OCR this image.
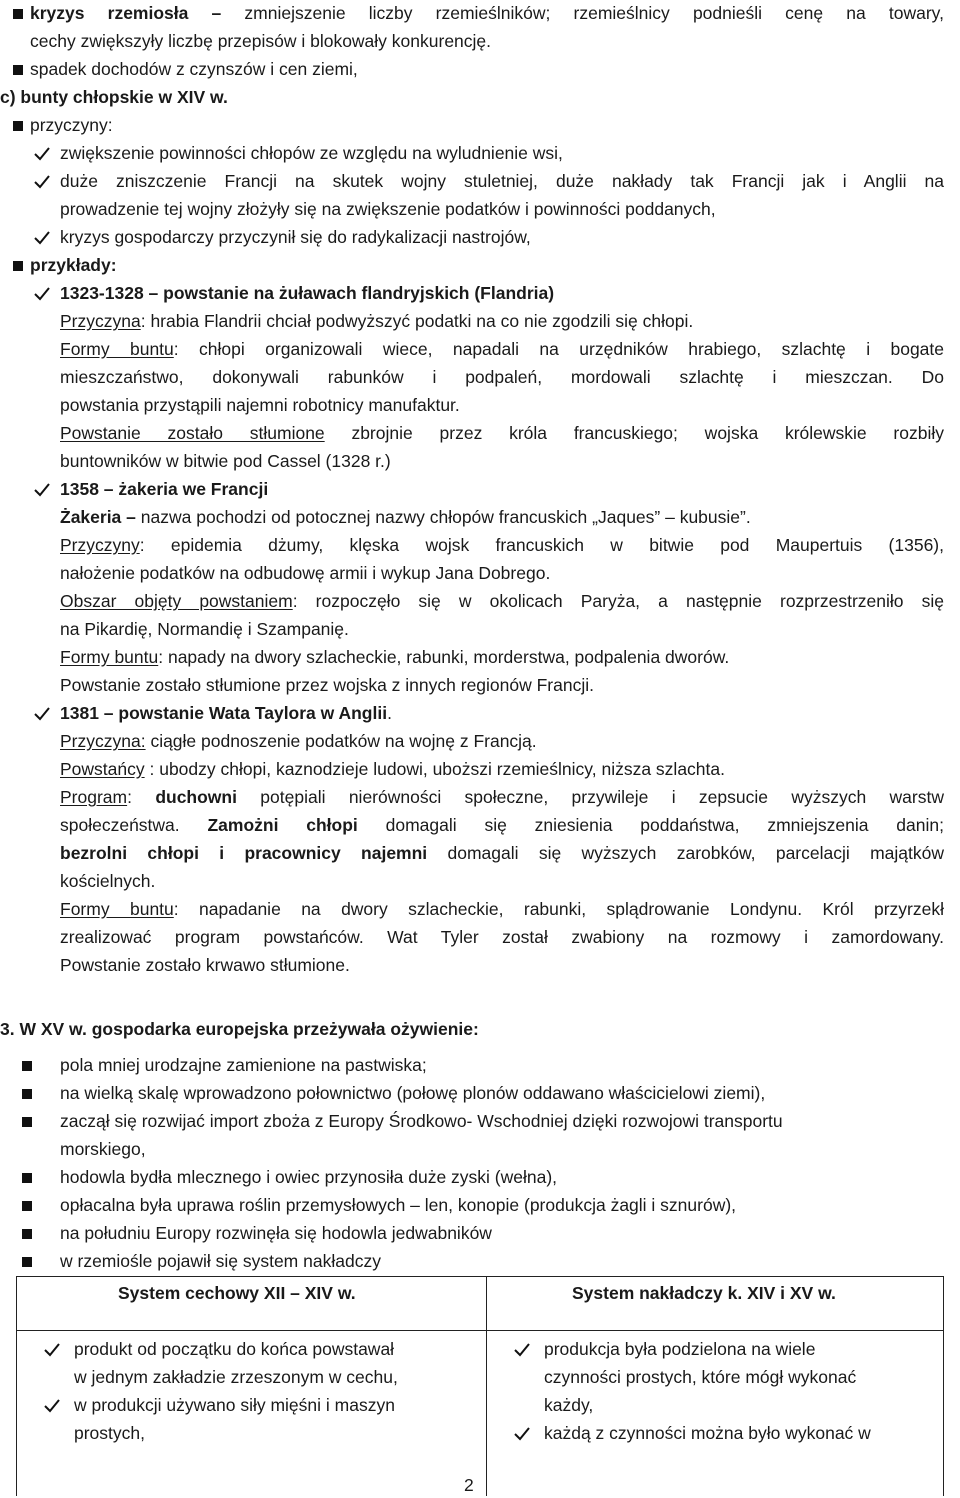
kryzys rzemiosła – zmniejszenie liczby rzemieślników; rzemieślnicy podnieśli cenę na towary,
cechy zwiększyły liczbę przepisów i blokowały konkurencję.
spadek dochodów z czynszów i cen ziemi,
c) bunty chłopskie w XIV w.
przyczyny:
zwiększenie powinności chłopów ze względu na wyludnienie wsi,
duże zniszczenie Francji na skutek wojny stuletniej, duże nakłady tak Francji jak i Anglii na
prowadzenie tej wojny złożyły się na zwiększenie podatków i powinności poddanych,
kryzys gospodarczy przyczynił się do radykalizacji nastrojów,
przykłady:
1323-1328 – powstanie na żuławach flandryjskich (Flandria)
Przyczyna: hrabia Flandrii chciał podwyższyć podatki na co nie zgodzili się chłopi.
Formy buntu: chłopi organizowali wiece, napadali na urzędników hrabiego, szlachtę i bogate
mieszczaństwo, dokonywali rabunków i podpaleń, mordowali szlachtę i mieszczan. Do
powstania przystąpili najemni robotnicy manufaktur.
Powstanie zostało stłumione zbrojnie przez króla francuskiego; wojska królewskie rozbiły
buntowników w bitwie pod Cassel (1328 r.)
1358 – żakeria we Francji
Żakeria – nazwa pochodzi od potocznej nazwy chłopów francuskich „Jaques” – kubusie”.
Przyczyny: epidemia dżumy, klęska wojsk francuskich w bitwie pod Maupertuis (1356),
nałożenie podatków na odbudowę armii i wykup Jana Dobrego.
Obszar objęty powstaniem: rozpoczęło się w okolicach Paryża, a następnie rozprzestrzeniło się
na Pikardię, Normandię i Szampanię.
Formy buntu: napady na dwory szlacheckie, rabunki, morderstwa, podpalenia dworów.
Powstanie zostało stłumione przez wojska z innych regionów Francji.
1381 – powstanie Wata Taylora w Anglii.
Przyczyna: ciągłe podnoszenie podatków na wojnę z Francją.
Powstańcy : ubodzy chłopi, kaznodzieje ludowi, uboższi rzemieślnicy, niższa szlachta.
Program: duchowni potępiali nierówności społeczne, przywileje i zepsucie wyższych warstw
społeczeństwa. Zamożni chłopi domagali się zniesienia poddaństwa, zmniejszenia danin;
bezrolni chłopi i pracownicy najemni domagali się wyższych zarobków, parcelacji majątków
kościelnych.
Formy buntu: napadanie na dwory szlacheckie, rabunki, splądrowanie Londynu. Król przyrzekł
zrealizować program powstańców. Wat Tyler został zwabiony na rozmowy i zamordowany.
Powstanie zostało krwawo stłumione.
3. W XV w. gospodarka europejska przeżywała ożywienie:
pola mniej urodzajne zamienione na pastwiska;
na wielką skalę wprowadzono połownictwo (połowę plonów oddawano właścicielowi ziemi),
zaczął się rozwijać import zboża z Europy Środkowo- Wschodniej dzięki rozwojowi transportu
morskiego,
hodowla bydła mlecznego i owiec przynosiła duże zyski (wełna),
opłacalna była uprawa roślin przemysłowych – len, konopie (produkcja żagli i sznurów),
na południu Europy rozwinęła się hodowla jedwabników
w rzemiośle pojawił się system nakładczy
System cechowy XII – XIV w.	System nakładczy k. XIV i XV w.
produkt od początku do końca powstawał
w jednym zakładzie zrzeszonym w cechu,
w produkcji używano siły mięśni i maszyn
prostych,
produkcja była podzielona na wiele
czynności prostych, które mógł wykonać
każdy,
każdą z czynności można było wykonać w
2
